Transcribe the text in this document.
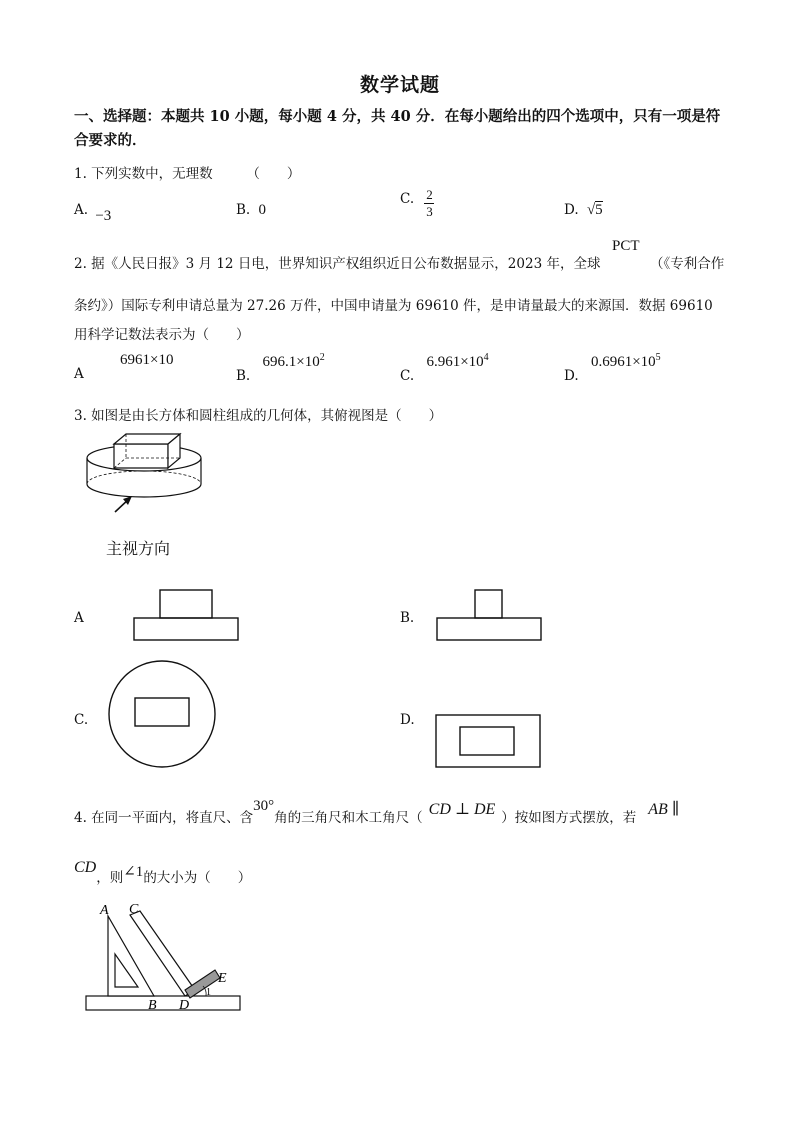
数学试题
一、选择题：本题共 10 小题，每小题 4 分，共 40 分．在每小题给出的四个选项中，只有一项是符合要求的．
1. 下列实数中，无理数　　　（　　）
A. −3	B. 0
C. $\frac{2}{3}$	D. √5
2. 据《人民日报》3 月 12 日电，世界知识产权组织近日公布数据显示，2023 年，全球
PCT
（《专利合作
条约》）国际专利申请总量为 27.26 万件，中国申请量为 69610 件，是申请量最大的来源国．数据 69610
用科学记数法表示为（　　）
A 6961×10
B. $696.1\times 10^2$
C. $6.961\times 10^4$
D. $0.6961\times 10^5$
3. 如图是由长方体和圆柱组成的几何体，其俯视图是（　　）
主视方向
A	B.
C.	D.
4. 在同一平面内，将直尺、含30°角的三角尺和木工角尺（ CD ⊥ DE ）按如图方式摆放，若 AB ∥
CD，则∠1的大小为（　　）
A C
B D
E
1
